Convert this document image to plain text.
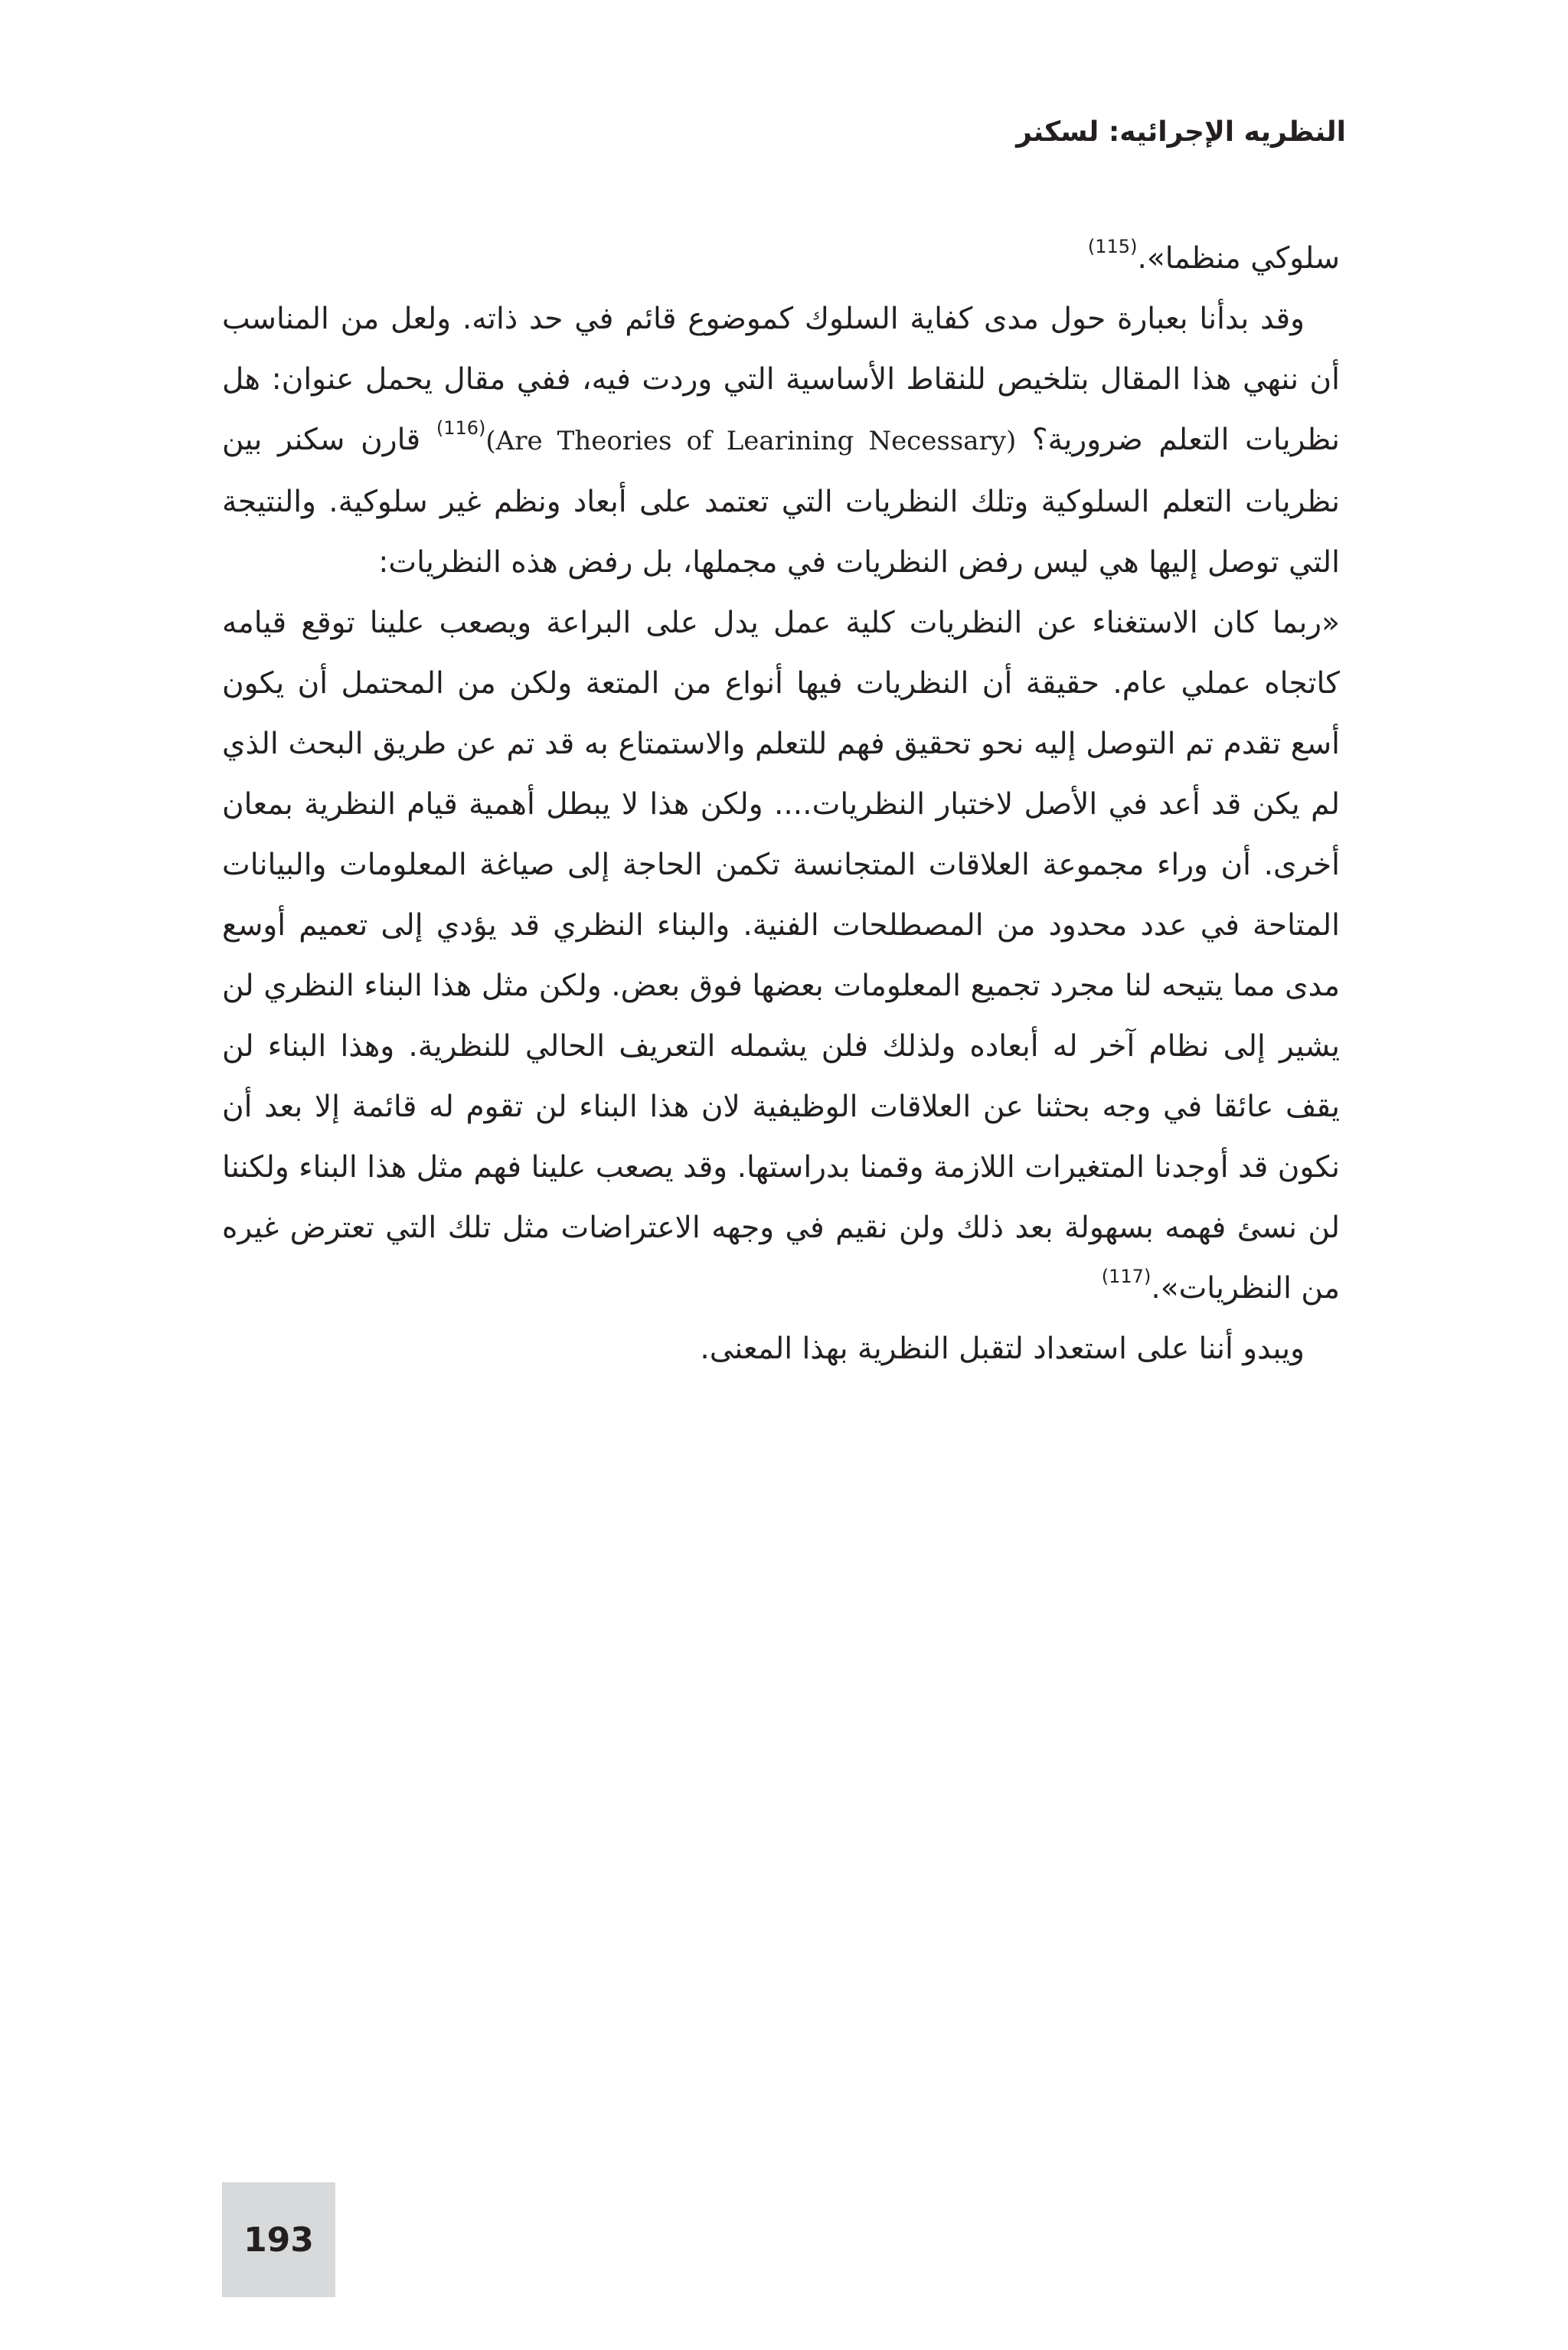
النظريه الإجرائيه: لسكنر

سلوكي منظما».$^{(115)}$

وقد بدأنا بعبارة حول مدى كفاية السلوك كموضوع قائم في حد ذاته. ولعل من المناسب أن ننهي هذا المقال بتلخيص للنقاط الأساسية التي وردت فيه، ففي مقال يحمل عنوان: هل نظريات التعلم ضرورية؟ (Are Theories of Learining Necessary)$^{(116)}$ قارن سكنر بين نظريات التعلم السلوكية وتلك النظريات التي تعتمد على أبعاد ونظم غير سلوكية. والنتيجة التي توصل إليها هي ليس رفض النظريات في مجملها، بل رفض هذه النظريات:

«ربما كان الاستغناء عن النظريات كلية عمل يدل على البراعة ويصعب علينا توقع قيامه كاتجاه عملي عام. حقيقة أن النظريات فيها أنواع من المتعة ولكن من المحتمل أن يكون أسع تقدم تم التوصل إليه نحو تحقيق فهم للتعلم والاستمتاع به قد تم عن طريق البحث الذي لم يكن قد أعد في الأصل لاختبار النظريات.... ولكن هذا لا يبطل أهمية قيام النظرية بمعان أخرى. أن وراء مجموعة العلاقات المتجانسة تكمن الحاجة إلى صياغة المعلومات والبيانات المتاحة في عدد محدود من المصطلحات الفنية. والبناء النظري قد يؤدي إلى تعميم أوسع مدى مما يتيحه لنا مجرد تجميع المعلومات بعضها فوق بعض. ولكن مثل هذا البناء النظري لن يشير إلى نظام آخر له أبعاده ولذلك فلن يشمله التعريف الحالي للنظرية. وهذا البناء لن يقف عائقا في وجه بحثنا عن العلاقات الوظيفية لان هذا البناء لن تقوم له قائمة إلا بعد أن نكون قد أوجدنا المتغيرات اللازمة وقمنا بدراستها. وقد يصعب علينا فهم مثل هذا البناء ولكننا لن نسئ فهمه بسهولة بعد ذلك ولن نقيم في وجهه الاعتراضات مثل تلك التي تعترض غيره من النظريات».$^{(117)}$

ويبدو أننا على استعداد لتقبل النظرية بهذا المعنى.

193
